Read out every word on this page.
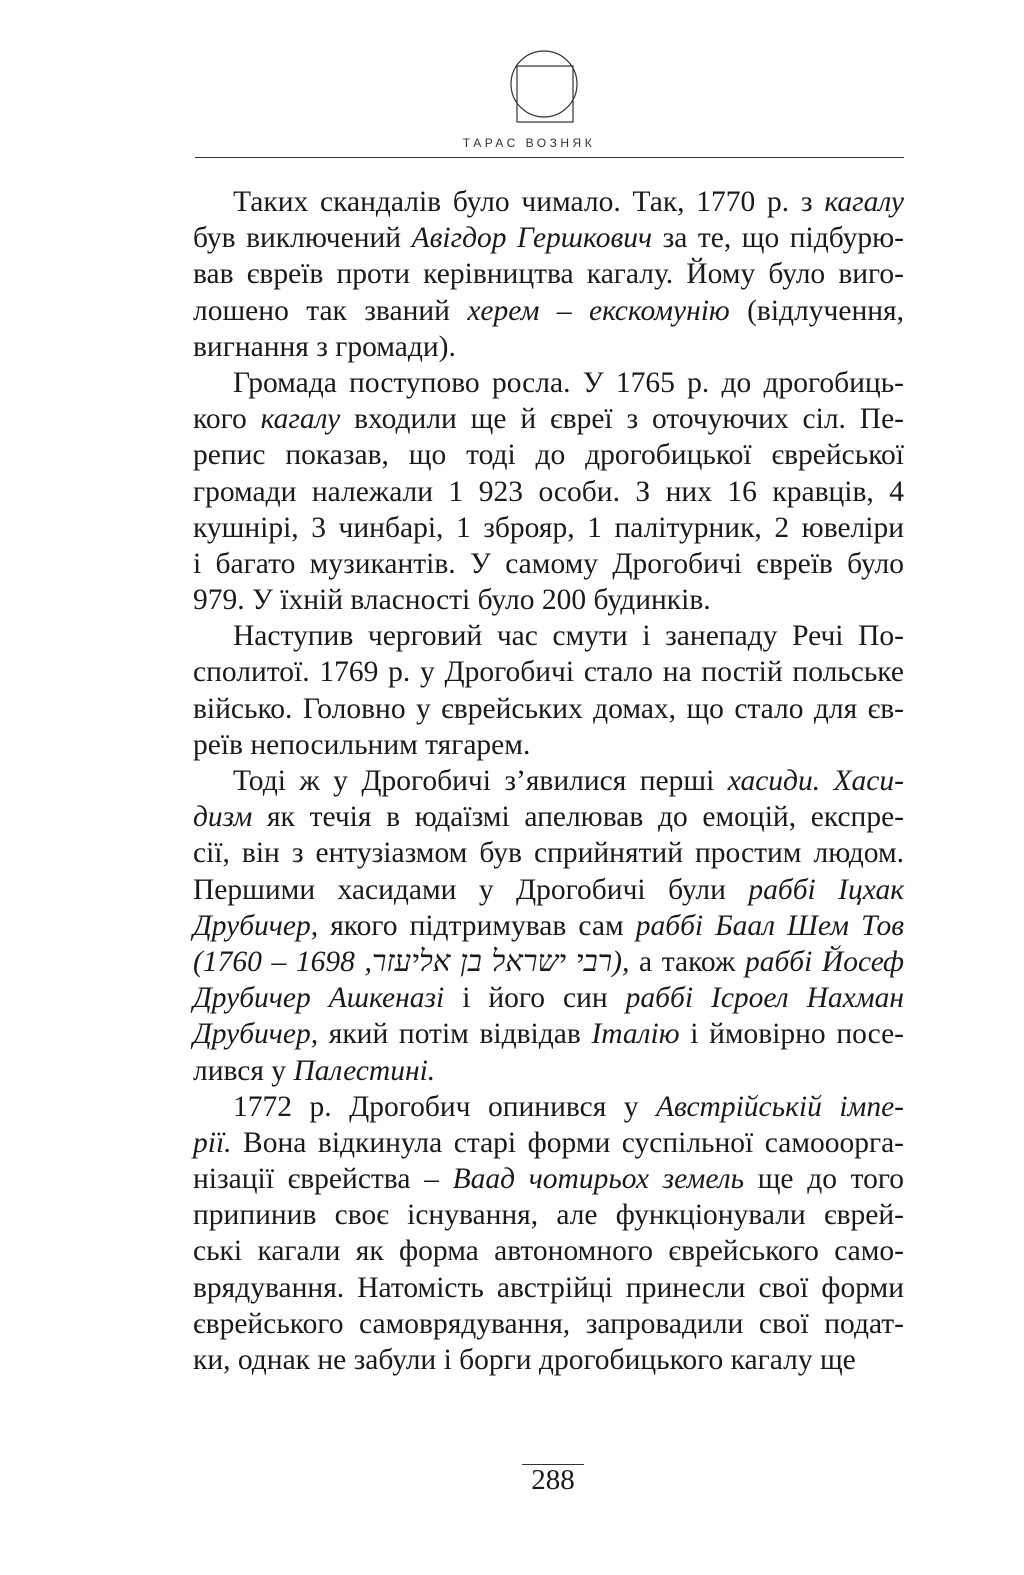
ТАРАС ВОЗНЯК
Таких скандалів було чимало. Так, 1770 р. з кагалу
був виключений Авігдор Гершкович за те, що підбурю-
вав євреїв проти керівництва кагалу. Йому було виго-
лошено так званий херем – екскомунію (відлучення,
вигнання з громади).
Громада поступово росла. У 1765 р. до дрогобиць-
кого кагалу входили ще й євреї з оточуючих сіл. Пе-
репис показав, що тоді до дрогобицької єврейської
громади належали 1 923 особи. З них 16 кравців, 4
кушнірі, 3 чинбарі, 1 зброяр, 1 палітурник, 2 ювеліри
і багато музикантів. У самому Дрогобичі євреїв було
979. У їхній власності було 200 будинків.
Наступив черговий час смути і занепаду Речі По-
сполитої. 1769 р. у Дрогобичі стало на постій польське
військо. Головно у єврейських домах, що стало для єв-
реїв непосильним тягарем.
Тоді ж у Дрогобичі з’явилися перші хасиди. Хаси-
дизм як течія в юдаїзмі апелював до емоцій, експре-
сії, він з ентузіазмом був сприйнятий простим людом.
Першими хасидами у Дрогобичі були раббі Іцхак
Друбичер, якого підтримував сам раббі Баал Шем Тов
(רבי ישראל בן אליעזר, 1698 – 1760), а також раббі Йосеф
Друбичер Ашкеназі і його син раббі Ісроел Нахман
Друбичер, який потім відвідав Італію і ймовірно посе-
лився у Палестині.
1772 р. Дрогобич опинився у Австрійській імпе-
рії. Вона відкинула старі форми суспільної самооорга-
нізації єврейства – Ваад чотирьох земель ще до того
припинив своє існування, але функціонували єврей-
ські кагали як форма автономного єврейського само-
врядування. Натомість австрійці принесли свої форми
єврейського самоврядування, запровадили свої подат-
ки, однак не забули і борги дрогобицького кагалу ще
288
